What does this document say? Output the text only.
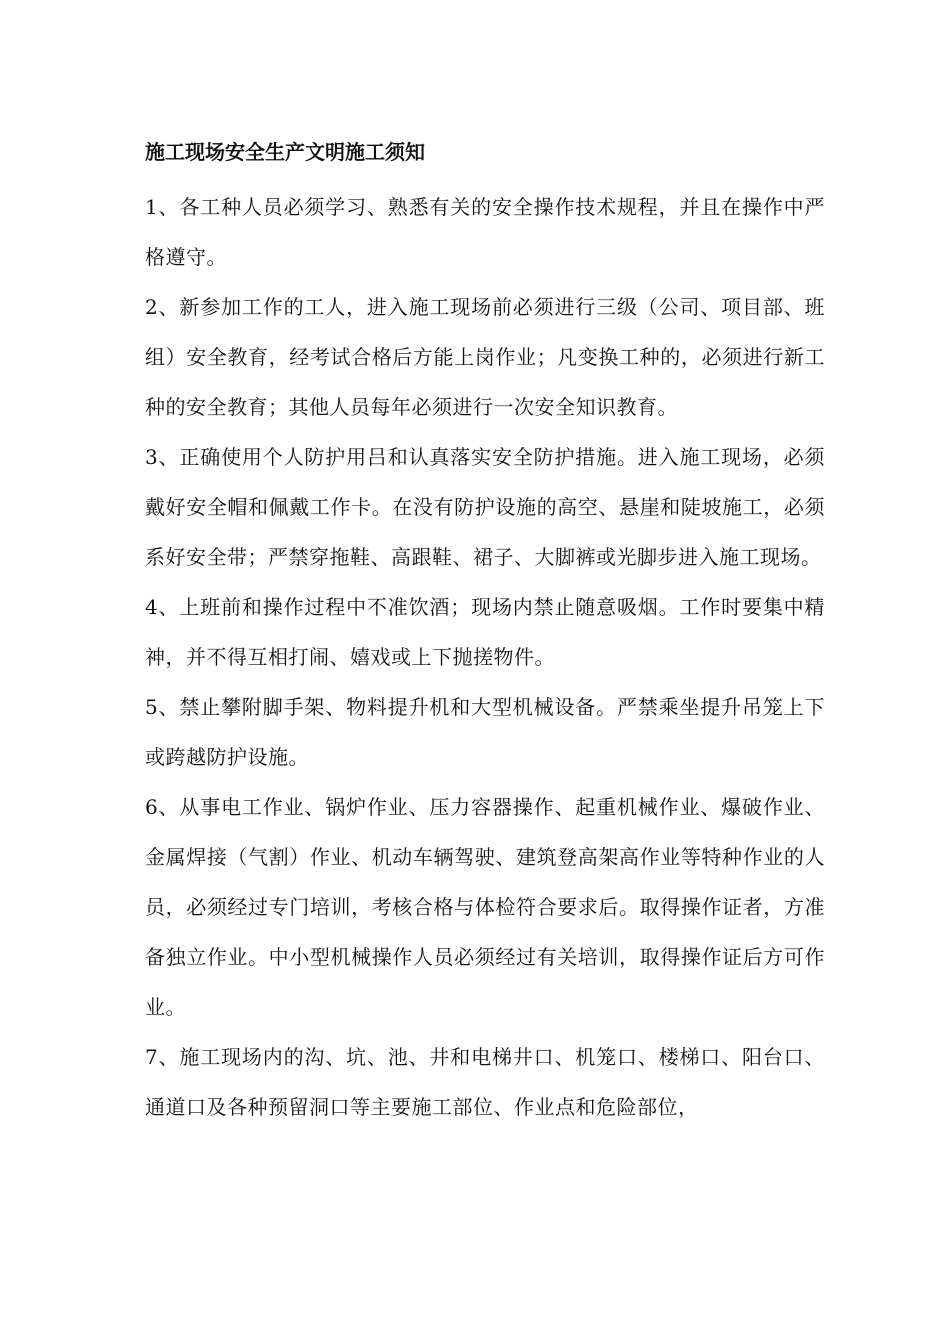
施工现场安全生产文明施工须知

1、各工种人员必须学习、熟悉有关的安全操作技术规程，并且在操作中严格遵守。

2、新参加工作的工人，进入施工现场前必须进行三级（公司、项目部、班组）安全教育，经考试合格后方能上岗作业；凡变换工种的，必须进行新工种的安全教育；其他人员每年必须进行一次安全知识教育。

3、正确使用个人防护用吕和认真落实安全防护措施。进入施工现场，必须戴好安全帽和佩戴工作卡。在没有防护设施的高空、悬崖和陡坡施工，必须系好安全带；严禁穿拖鞋、高跟鞋、裙子、大脚裤或光脚步进入施工现场。

4、上班前和操作过程中不准饮酒；现场内禁止随意吸烟。工作时要集中精神，并不得互相打闹、嬉戏或上下抛搓物件。

5、禁止攀附脚手架、物料提升机和大型机械设备。严禁乘坐提升吊笼上下或跨越防护设施。

6、从事电工作业、锅炉作业、压力容器操作、起重机械作业、爆破作业、金属焊接（气割）作业、机动车辆驾驶、建筑登高架高作业等特种作业的人员，必须经过专门培训，考核合格与体检符合要求后。取得操作证者，方准备独立作业。中小型机械操作人员必须经过有关培训，取得操作证后方可作业。

7、施工现场内的沟、坑、池、井和电梯井口、机笼口、楼梯口、阳台口、通道口及各种预留洞口等主要施工部位、作业点和危险部位，
